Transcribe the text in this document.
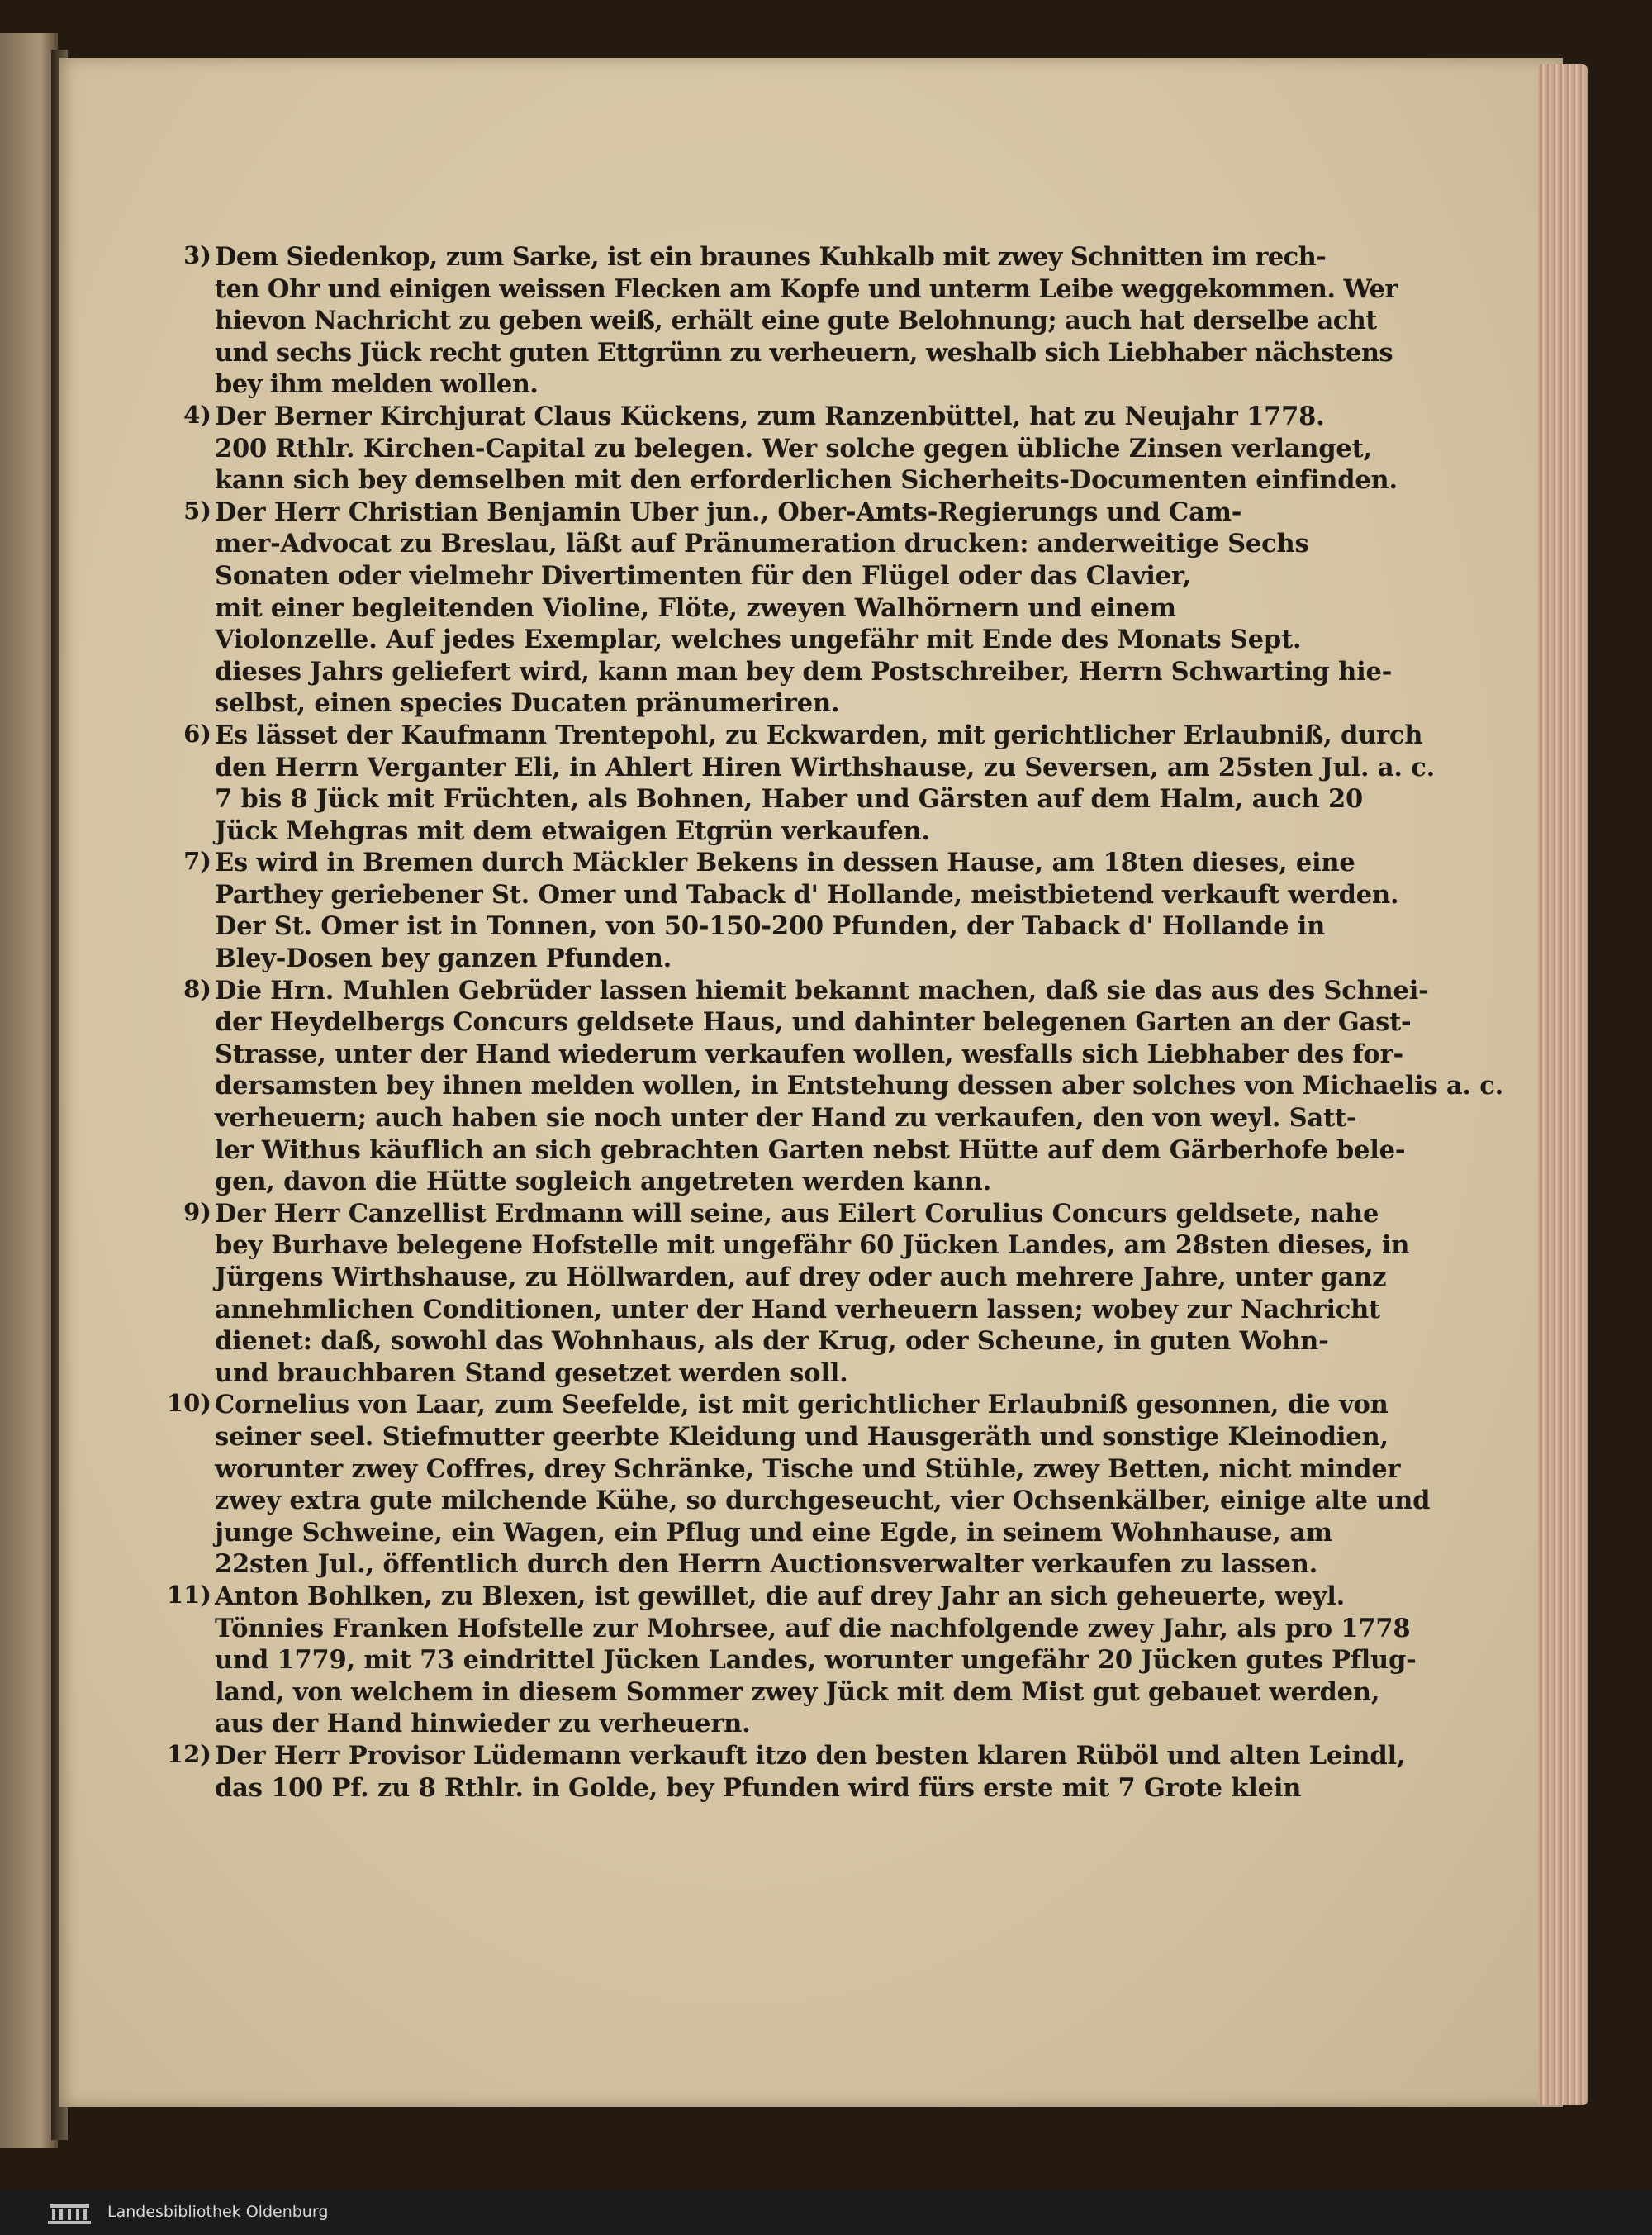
3) Dem Siedenkop, zum Sarke, ist ein braunes Kuhkalb mit zwey Schnitten im rech-
ten Ohr und einigen weissen Flecken am Kopfe und unterm Leibe weggekommen. Wer
hievon Nachricht zu geben weiß, erhält eine gute Belohnung; auch hat derselbe acht
und sechs Jück recht guten Ettgrünn zu verheuern, weshalb sich Liebhaber nächstens
bey ihm melden wollen.
4) Der Berner Kirchjurat Claus Kückens, zum Ranzenbüttel, hat zu Neujahr 1778.
200 Rthlr. Kirchen-Capital zu belegen. Wer solche gegen übliche Zinsen verlanget,
kann sich bey demselben mit den erforderlichen Sicherheits-Documenten einfinden.
5) Der Herr Christian Benjamin Uber jun., Ober-Amts-Regierungs und Cam-
mer-Advocat zu Breslau, läßt auf Pränumeration drucken: anderweitige Sechs
Sonaten oder vielmehr Divertimenten für den Flügel oder das Clavier,
mit einer begleitenden Violine, Flöte, zweyen Walhörnern und einem
Violonzelle. Auf jedes Exemplar, welches ungefähr mit Ende des Monats Sept.
dieses Jahrs geliefert wird, kann man bey dem Postschreiber, Herrn Schwarting hie-
selbst, einen species Ducaten pränumeriren.
6) Es lässet der Kaufmann Trentepohl, zu Eckwarden, mit gerichtlicher Erlaubniß, durch
den Herrn Verganter Eli, in Ahlert Hiren Wirthshause, zu Seversen, am 25sten Jul. a. c.
7 bis 8 Jück mit Früchten, als Bohnen, Haber und Gärsten auf dem Halm, auch 20
Jück Mehgras mit dem etwaigen Etgrün verkaufen.
7) Es wird in Bremen durch Mäckler Bekens in dessen Hause, am 18ten dieses, eine
Parthey geriebener St. Omer und Taback d' Hollande, meistbietend verkauft werden.
Der St. Omer ist in Tonnen, von 50-150-200 Pfunden, der Taback d' Hollande in
Bley-Dosen bey ganzen Pfunden.
8) Die Hrn. Muhlen Gebrüder lassen hiemit bekannt machen, daß sie das aus des Schnei-
der Heydelbergs Concurs geldsete Haus, und dahinter belegenen Garten an der Gast-
Strasse, unter der Hand wiederum verkaufen wollen, wesfalls sich Liebhaber des for-
dersamsten bey ihnen melden wollen, in Entstehung dessen aber solches von Michaelis a. c.
verheuern; auch haben sie noch unter der Hand zu verkaufen, den von weyl. Satt-
ler Withus käuflich an sich gebrachten Garten nebst Hütte auf dem Gärberhofe bele-
gen, davon die Hütte sogleich angetreten werden kann.
9) Der Herr Canzellist Erdmann will seine, aus Eilert Corulius Concurs geldsete, nahe
bey Burhave belegene Hofstelle mit ungefähr 60 Jücken Landes, am 28sten dieses, in
Jürgens Wirthshause, zu Höllwarden, auf drey oder auch mehrere Jahre, unter ganz
annehmlichen Conditionen, unter der Hand verheuern lassen; wobey zur Nachricht
dienet: daß, sowohl das Wohnhaus, als der Krug, oder Scheune, in guten Wohn-
und brauchbaren Stand gesetzet werden soll.
10) Cornelius von Laar, zum Seefelde, ist mit gerichtlicher Erlaubniß gesonnen, die von
seiner seel. Stiefmutter geerbte Kleidung und Hausgeräth und sonstige Kleinodien,
worunter zwey Coffres, drey Schränke, Tische und Stühle, zwey Betten, nicht minder
zwey extra gute milchende Kühe, so durchgeseucht, vier Ochsenkälber, einige alte und
junge Schweine, ein Wagen, ein Pflug und eine Egde, in seinem Wohnhause, am
22sten Jul., öffentlich durch den Herrn Auctionsverwalter verkaufen zu lassen.
11) Anton Bohlken, zu Blexen, ist gewillet, die auf drey Jahr an sich geheuerte, weyl.
Tönnies Franken Hofstelle zur Mohrsee, auf die nachfolgende zwey Jahr, als pro 1778
und 1779, mit 73 eindrittel Jücken Landes, worunter ungefähr 20 Jücken gutes Pflug-
land, von welchem in diesem Sommer zwey Jück mit dem Mist gut gebauet werden,
aus der Hand hinwieder zu verheuern.
12) Der Herr Provisor Lüdemann verkauft itzo den besten klaren Rüböl und alten Leindl,
das 100 Pf. zu 8 Rthlr. in Golde, bey Pfunden wird fürs erste mit 7 Grote klein
Landesbibliothek Oldenburg
